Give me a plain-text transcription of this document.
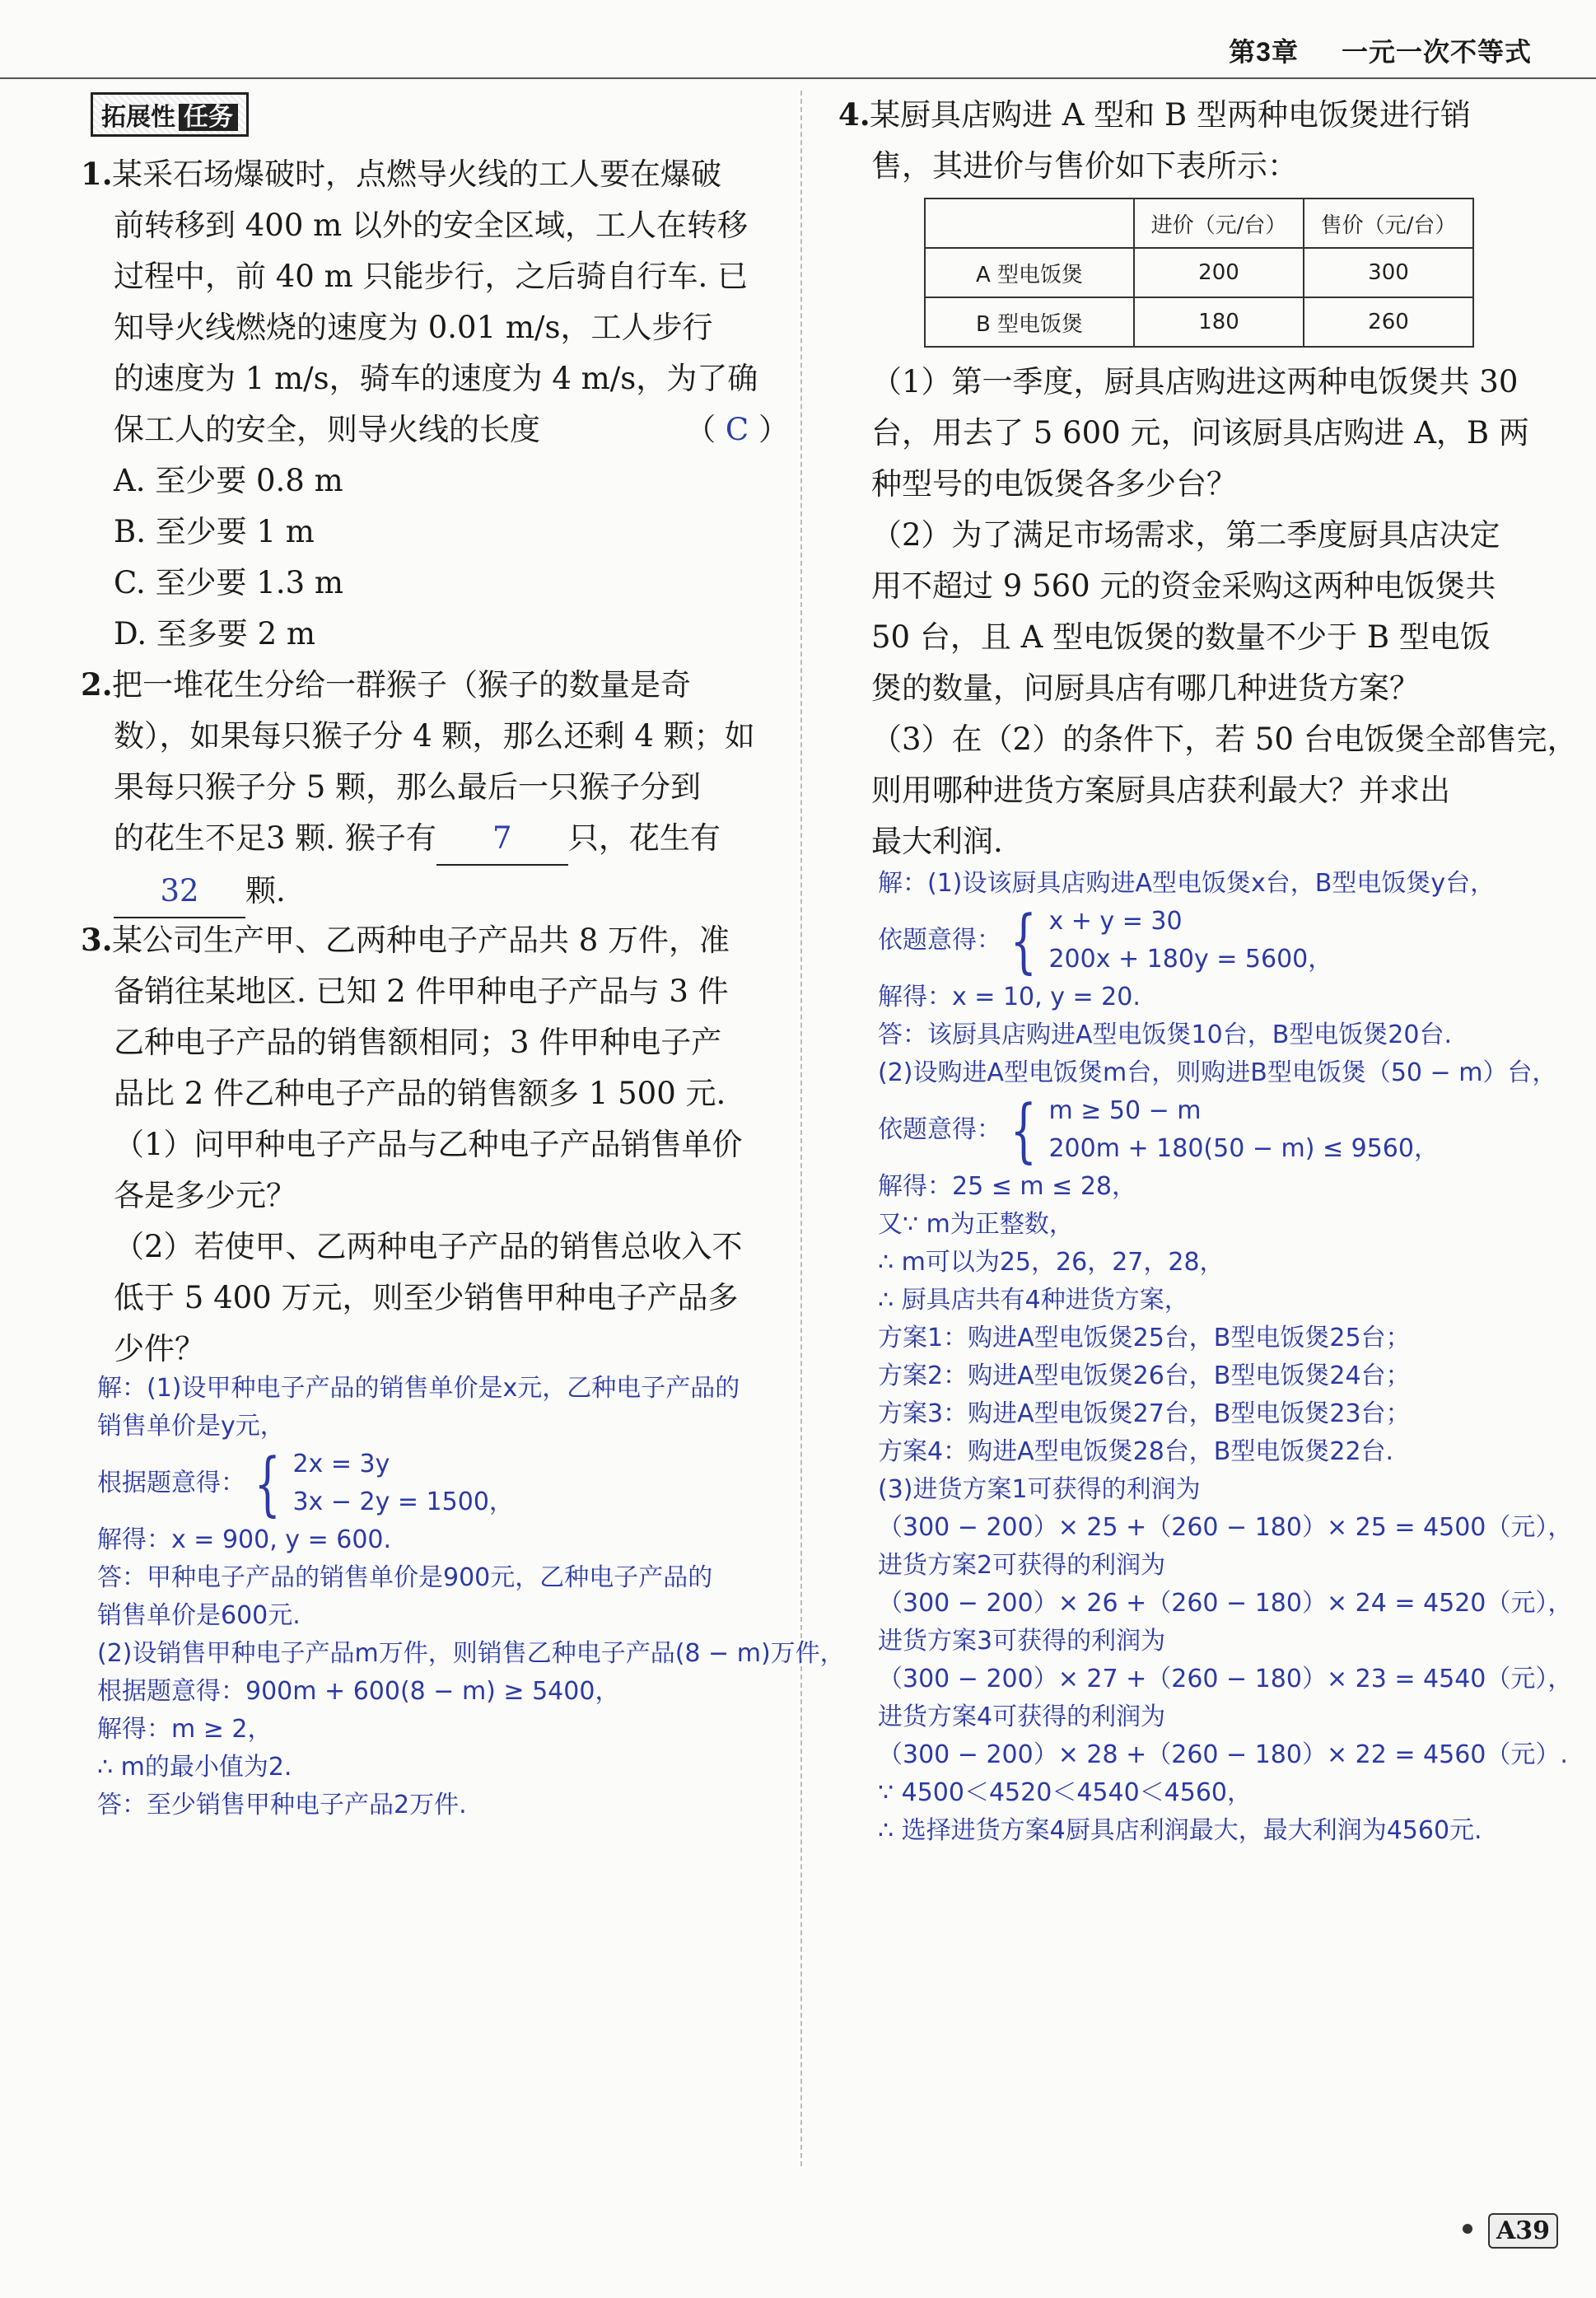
第3章 一元一次不等式
拓展性 任务
1.某采石场爆破时，点燃导火线的工人要在爆破
前转移到 400 m 以外的安全区域，工人在转移
过程中，前 40 m 只能步行，之后骑自行车. 已
知导火线燃烧的速度为 0.01 m/s，工人步行
的速度为 1 m/s，骑车的速度为 4 m/s，为了确
保工人的安全，则导火线的长度	（ C ）
A. 至少要 0.8 m
B. 至少要 1 m
C. 至少要 1.3 m
D. 至多要 2 m
2.把一堆花生分给一群猴子（猴子的数量是奇
数），如果每只猴子分 4 颗，那么还剩 4 颗；如
果每只猴子分 5 颗，那么最后一只猴子分到
的花生不足3 颗. 猴子有 7 只，花生有
32 颗.
3.某公司生产甲、乙两种电子产品共 8 万件，准
备销往某地区. 已知 2 件甲种电子产品与 3 件
乙种电子产品的销售额相同；3 件甲种电子产
品比 2 件乙种电子产品的销售额多 1 500 元.
（1）问甲种电子产品与乙种电子产品销售单价
各是多少元？
（2）若使甲、乙两种电子产品的销售总收入不
低于 5 400 万元，则至少销售甲种电子产品多
少件？
解：(1)设甲种电子产品的销售单价是x元，乙种电子产品的
销售单价是y元，
根据题意得： { 2x = 3y
3x − 2y = 1500，
解得：x = 900, y = 600.
答：甲种电子产品的销售单价是900元，乙种电子产品的
销售单价是600元.
(2)设销售甲种电子产品m万件，则销售乙种电子产品(8 − m)万件，
根据题意得：900m + 600(8 − m) ≥ 5400，
解得：m ≥ 2，
∴ m的最小值为2.
答：至少销售甲种电子产品2万件.
4.某厨具店购进 A 型和 B 型两种电饭煲进行销
售，其进价与售价如下表所示：
	进价（元/台）	售价（元/台）
A 型电饭煲	200	300
B 型电饭煲	180	260
（1）第一季度，厨具店购进这两种电饭煲共 30
台，用去了 5 600 元，问该厨具店购进 A，B 两
种型号的电饭煲各多少台？
（2）为了满足市场需求，第二季度厨具店决定
用不超过 9 560 元的资金采购这两种电饭煲共
50 台，且 A 型电饭煲的数量不少于 B 型电饭
煲的数量，问厨具店有哪几种进货方案？
（3）在（2）的条件下，若 50 台电饭煲全部售完，
则用哪种进货方案厨具店获利最大？并求出
最大利润.
解：(1)设该厨具店购进A型电饭煲x台，B型电饭煲y台，
依题意得： { x + y = 30
200x + 180y = 5600，
解得：x = 10, y = 20.
答：该厨具店购进A型电饭煲10台，B型电饭煲20台.
(2)设购进A型电饭煲m台，则购进B型电饭煲（50 − m）台，
依题意得： { m ≥ 50 − m
200m + 180(50 − m) ≤ 9560，
解得：25 ≤ m ≤ 28，
又∵ m为正整数，
∴ m可以为25，26，27，28，
∴ 厨具店共有4种进货方案，
方案1：购进A型电饭煲25台，B型电饭煲25台；
方案2：购进A型电饭煲26台，B型电饭煲24台；
方案3：购进A型电饭煲27台，B型电饭煲23台；
方案4：购进A型电饭煲28台，B型电饭煲22台.
(3)进货方案1可获得的利润为
（300 − 200）× 25 +（260 − 180）× 25 = 4500（元），
进货方案2可获得的利润为
（300 − 200）× 26 +（260 − 180）× 24 = 4520（元），
进货方案3可获得的利润为
（300 − 200）× 27 +（260 − 180）× 23 = 4540（元），
进货方案4可获得的利润为
（300 − 200）× 28 +（260 − 180）× 22 = 4560（元）.
∵ 4500＜4520＜4540＜4560，
∴ 选择进货方案4厨具店利润最大，最大利润为4560元.
A39
